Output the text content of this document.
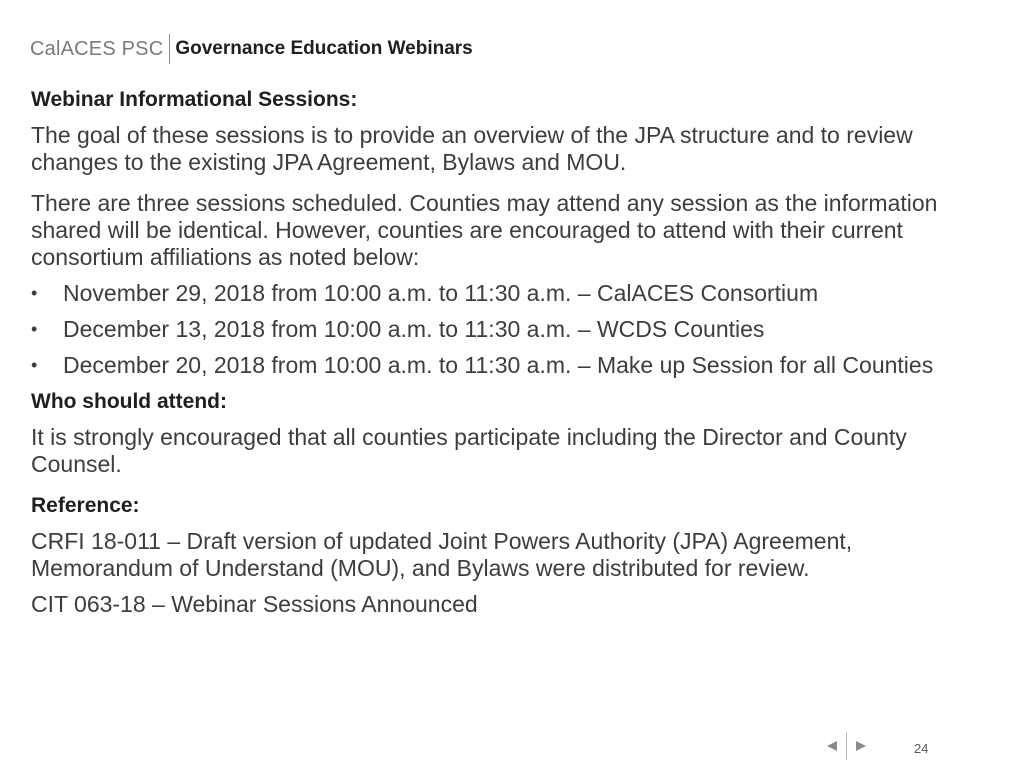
CalACES PSC Governance Education Webinars

Webinar Informational Sessions:

The goal of these sessions is to provide an overview of the JPA structure and to review changes to the existing JPA Agreement, Bylaws and MOU.

There are three sessions scheduled. Counties may attend any session as the information shared will be identical. However, counties are encouraged to attend with their current consortium affiliations as noted below:

• November 29, 2018 from 10:00 a.m. to 11:30 a.m. – CalACES Consortium
• December 13, 2018 from 10:00 a.m. to 11:30 a.m. – WCDS Counties
• December 20, 2018 from 10:00 a.m. to 11:30 a.m. – Make up Session for all Counties

Who should attend:

It is strongly encouraged that all counties participate including the Director and County Counsel.

Reference:

CRFI 18-011 – Draft version of updated Joint Powers Authority (JPA) Agreement, Memorandum of Understand (MOU), and Bylaws were distributed for review.

CIT 063-18 – Webinar Sessions Announced

24
